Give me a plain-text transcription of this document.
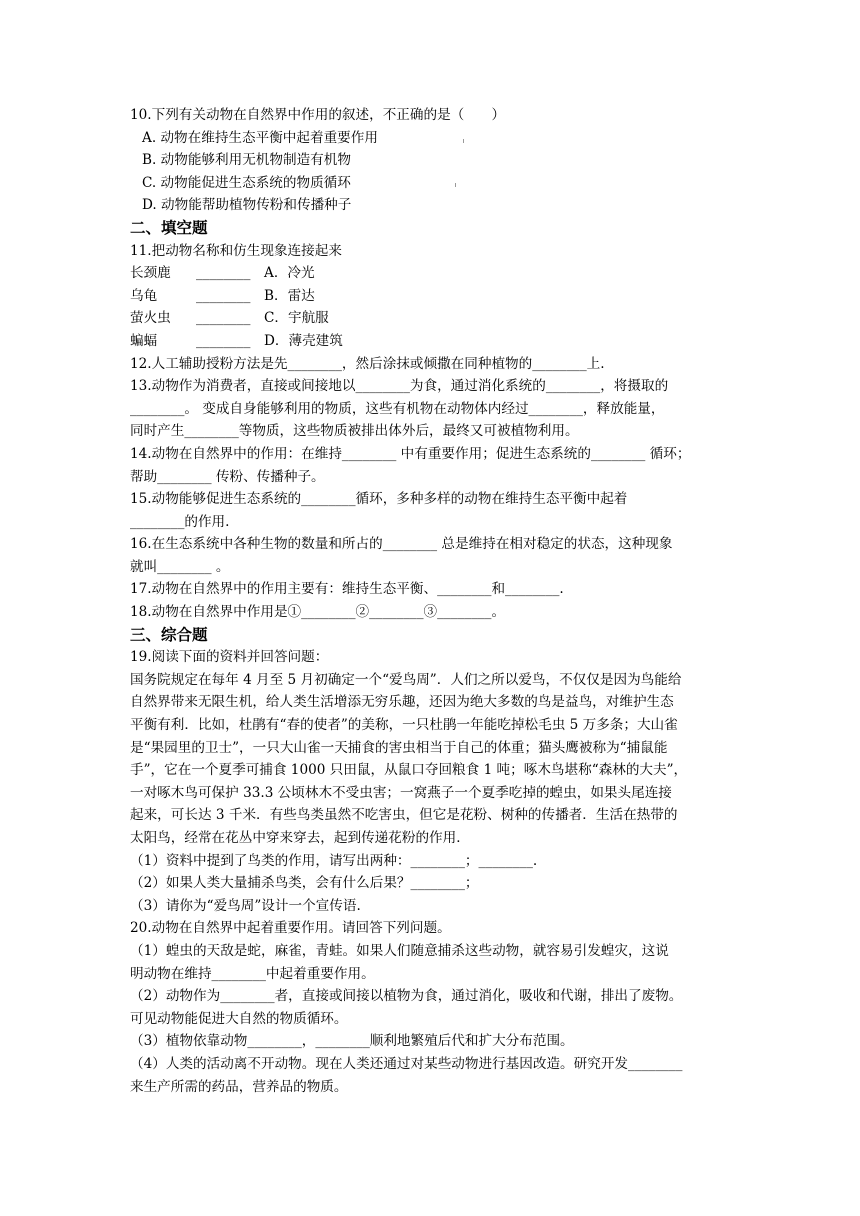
10.下列有关动物在自然界中作用的叙述，不正确的是（　　）
A. 动物在维持生态平衡中起着重要作用
B. 动物能够利用无机物制造有机物
C. 动物能促进生态系统的物质循环
D. 动物能帮助植物传粉和传播种子
二、填空题
11.把动物名称和仿生现象连接起来
长颈鹿	________	A．冷光
乌龟	________	B．雷达
萤火虫	________	C．宇航服
蝙蝠	________	D．薄壳建筑
12.人工辅助授粉方法是先________，然后涂抹或倾撒在同种植物的________上.
13.动物作为消费者，直接或间接地以________为食，通过消化系统的________，将摄取的
________。 变成自身能够利用的物质，这些有机物在动物体内经过________，释放能量，
同时产生________等物质，这些物质被排出体外后，最终又可被植物利用。
14.动物在自然界中的作用：在维持________ 中有重要作用；促进生态系统的________ 循环；
帮助________ 传粉、传播种子。
15.动物能够促进生态系统的________循环，多种多样的动物在维持生态平衡中起着
________的作用.
16.在生态系统中各种生物的数量和所占的________ 总是维持在相对稳定的状态，这种现象
就叫________ 。
17.动物在自然界中的作用主要有：维持生态平衡、________和________.
18.动物在自然界中作用是①________②________③________。
三、综合题
19.阅读下面的资料并回答问题：
国务院规定在每年 4 月至 5 月初确定一个“爱鸟周”．人们之所以爱鸟，不仅仅是因为鸟能给
自然界带来无限生机，给人类生活增添无穷乐趣，还因为绝大多数的鸟是益鸟，对维护生态
平衡有利．比如，杜鹃有“春的使者”的美称，一只杜鹃一年能吃掉松毛虫 5 万多条；大山雀
是“果园里的卫士”，一只大山雀一天捕食的害虫相当于自己的体重；猫头鹰被称为“捕鼠能
手”，它在一个夏季可捕食 1000 只田鼠，从鼠口夺回粮食 1 吨；啄木鸟堪称“森林的大夫”，
一对啄木鸟可保护 33.3 公顷林木不受虫害；一窝燕子一个夏季吃掉的蝗虫，如果头尾连接
起来，可长达 3 千米．有些鸟类虽然不吃害虫，但它是花粉、树种的传播者．生活在热带的
太阳鸟，经常在花丛中穿来穿去，起到传递花粉的作用．
（1）资料中提到了鸟类的作用，请写出两种：________；________.
（2）如果人类大量捕杀鸟类，会有什么后果？________；
（3）请你为“爱鸟周”设计一个宣传语.
20.动物在自然界中起着重要作用。请回答下列问题。
（1）蝗虫的天敌是蛇，麻雀，青蛙。如果人们随意捕杀这些动物，就容易引发蝗灾，这说
明动物在维持________中起着重要作用。
（2）动物作为________者，直接或间接以植物为食，通过消化，吸收和代谢，排出了废物。
可见动物能促进大自然的物质循环。
（3）植物依靠动物________，________顺利地繁殖后代和扩大分布范围。
（4）人类的活动离不开动物。现在人类还通过对某些动物进行基因改造。研究开发________
来生产所需的药品，营养品的物质。
